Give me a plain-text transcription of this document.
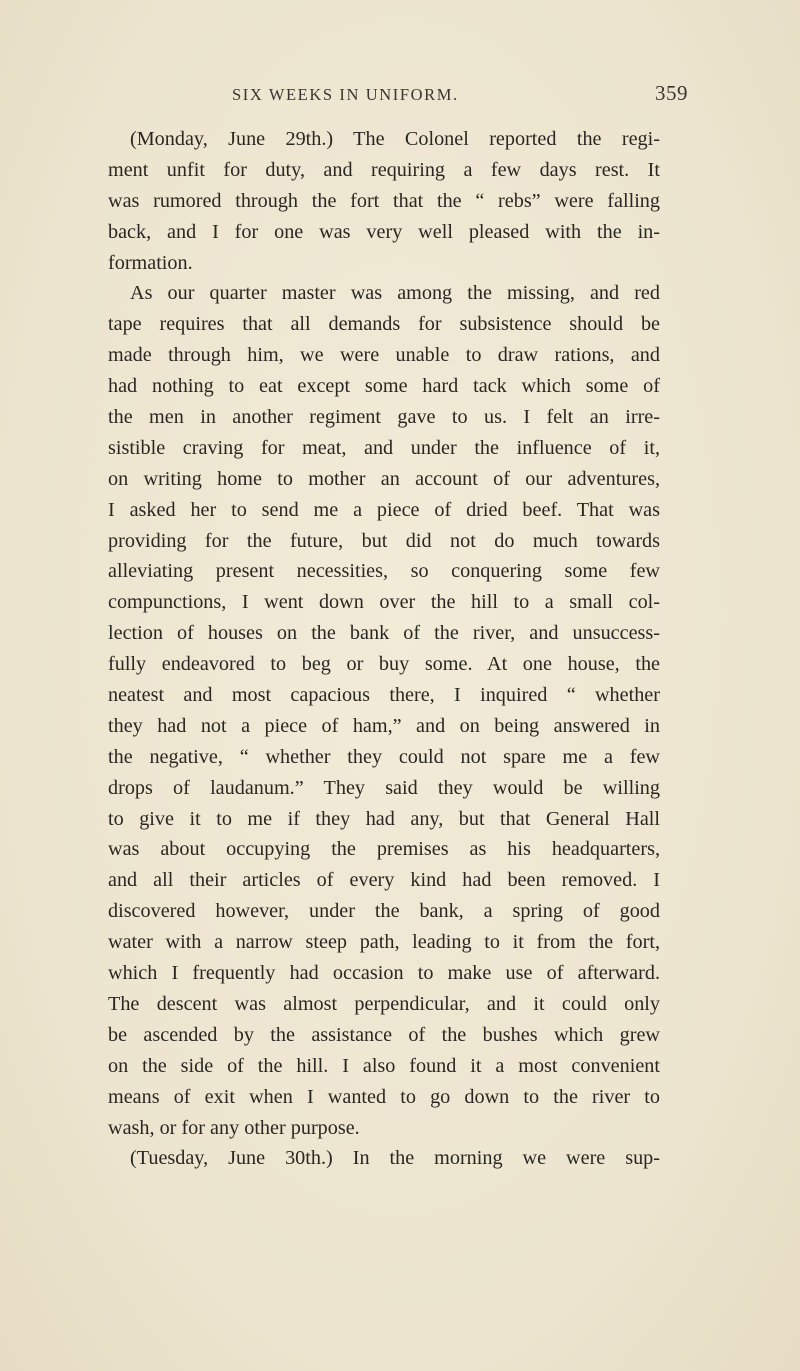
SIX WEEKS IN UNIFORM.	359
(Monday, June 29th.) The Colonel reported the regi-
ment unfit for duty, and requiring a few days rest. It
was rumored through the fort that the “ rebs” were falling
back, and I for one was very well pleased with the in-
formation.
As our quarter master was among the missing, and red
tape requires that all demands for subsistence should be
made through him, we were unable to draw rations, and
had nothing to eat except some hard tack which some of
the men in another regiment gave to us. I felt an irre-
sistible craving for meat, and under the influence of it,
on writing home to mother an account of our adventures,
I asked her to send me a piece of dried beef. That was
providing for the future, but did not do much towards
alleviating present necessities, so conquering some few
compunctions, I went down over the hill to a small col-
lection of houses on the bank of the river, and unsuccess-
fully endeavored to beg or buy some. At one house, the
neatest and most capacious there, I inquired “ whether
they had not a piece of ham,” and on being answered in
the negative, “ whether they could not spare me a few
drops of laudanum.” They said they would be willing
to give it to me if they had any, but that General Hall
was about occupying the premises as his headquarters,
and all their articles of every kind had been removed. I
discovered however, under the bank, a spring of good
water with a narrow steep path, leading to it from the fort,
which I frequently had occasion to make use of afterward.
The descent was almost perpendicular, and it could only
be ascended by the assistance of the bushes which grew
on the side of the hill. I also found it a most convenient
means of exit when I wanted to go down to the river to
wash, or for any other purpose.
(Tuesday, June 30th.) In the morning we were sup-
